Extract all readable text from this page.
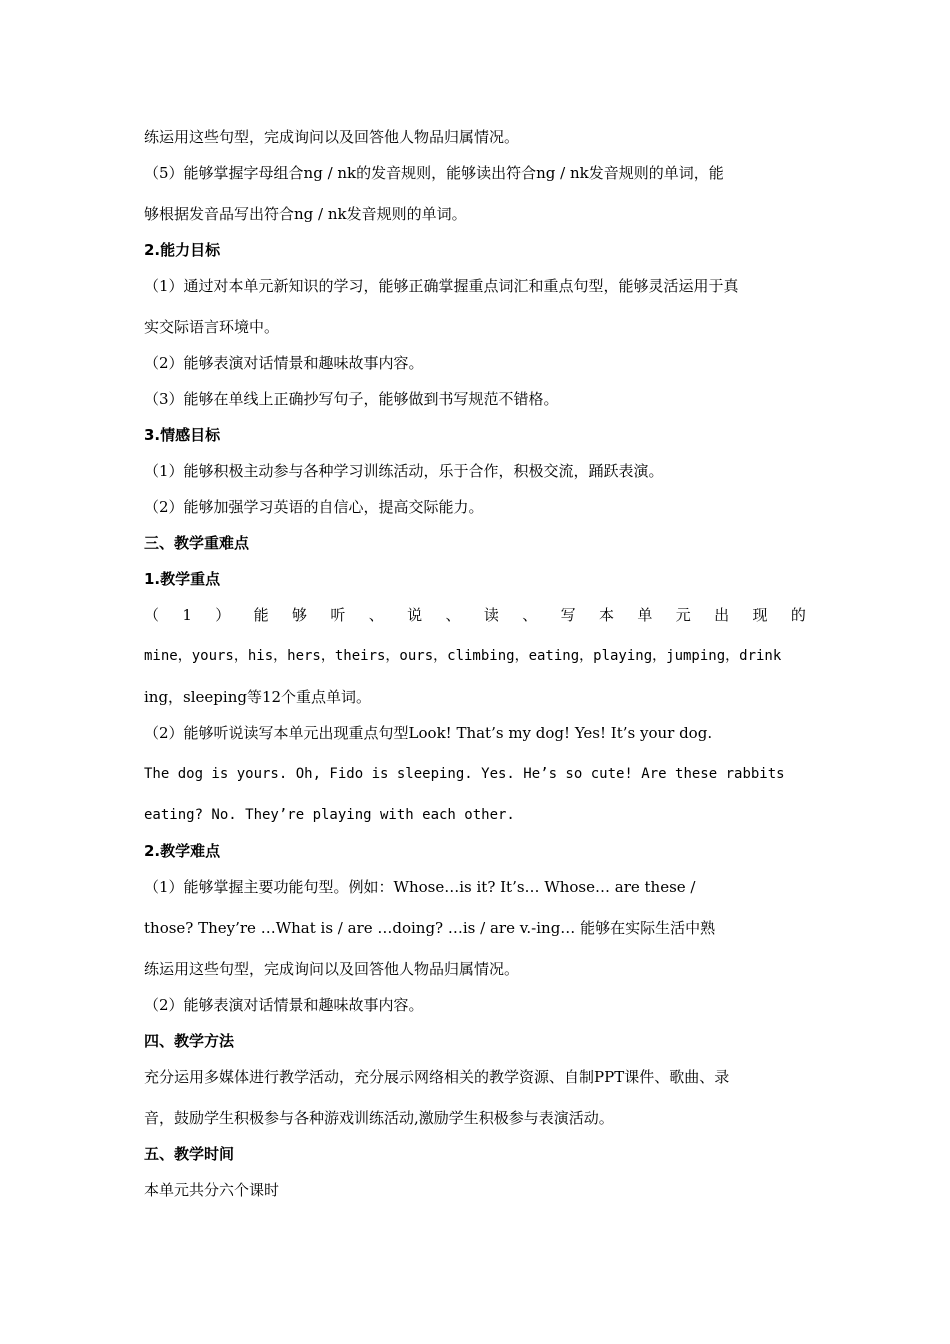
练运用这些句型，完成询问以及回答他人物品归属情况。
（5）能够掌握字母组合ng / nk的发音规则，能够读出符合ng / nk发音规则的单词，能
够根据发音品写出符合ng / nk发音规则的单词。
2.能力目标
（1）通过对本单元新知识的学习，能够正确掌握重点词汇和重点句型，能够灵活运用于真
实交际语言环境中。
（2）能够表演对话情景和趣味故事内容。
（3）能够在单线上正确抄写句子，能够做到书写规范不错格。
3.情感目标
（1）能够积极主动参与各种学习训练活动，乐于合作，积极交流，踊跃表演。
（2）能够加强学习英语的自信心，提高交际能力。
三、教学重难点
1.教学重点
（ 1 ） 能 够 听 、 说 、 读 、 写 本 单 元 出 现 的
mine，yours，his，hers，theirs，ours，climbing，eating，playing，jumping，drink
ing，sleeping等12个重点单词。
（2）能够听说读写本单元出现重点句型Look! That’s my dog! Yes! It’s your dog.
The dog is yours. Oh, Fido is sleeping. Yes. He’s so cute! Are these rabbits
eating? No. They’re playing with each other.
2.教学难点
（1）能够掌握主要功能句型。例如：Whose…is it? It’s… Whose… are these /
those? They’re …What is / are …doing? …is / are v.-ing… 能够在实际生活中熟
练运用这些句型，完成询问以及回答他人物品归属情况。
（2）能够表演对话情景和趣味故事内容。
四、教学方法
充分运用多媒体进行教学活动，充分展示网络相关的教学资源、自制PPT课件、歌曲、录
音，鼓励学生积极参与各种游戏训练活动,激励学生积极参与表演活动。
五、教学时间
本单元共分六个课时
